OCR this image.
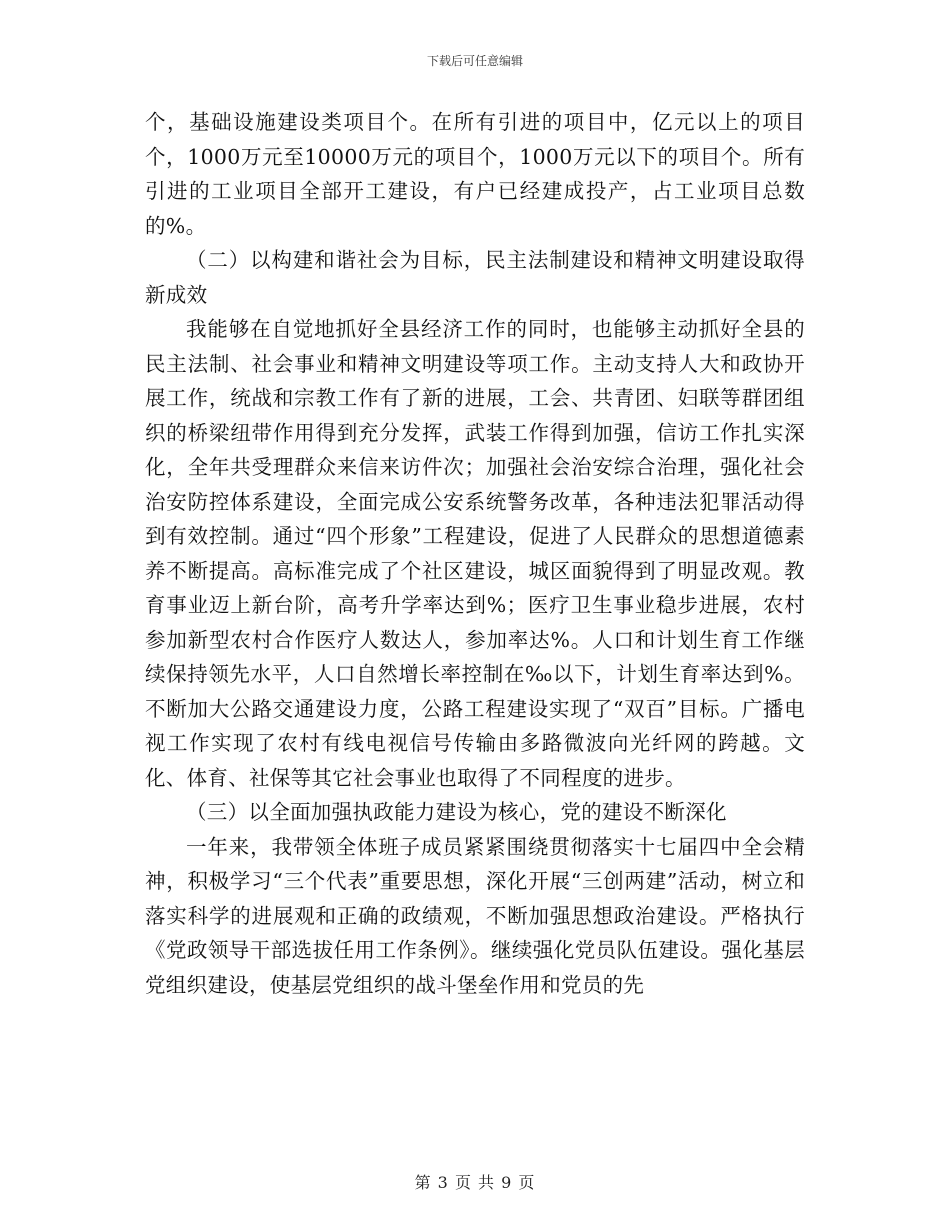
下载后可任意编辑

个，基础设施建设类项目个。在所有引进的项目中，亿元以上的项目个，1000万元至10000万元的项目个，1000万元以下的项目个。所有引进的工业项目全部开工建设，有户已经建成投产，占工业项目总数的%。

（二）以构建和谐社会为目标，民主法制建设和精神文明建设取得新成效

我能够在自觉地抓好全县经济工作的同时，也能够主动抓好全县的民主法制、社会事业和精神文明建设等项工作。主动支持人大和政协开展工作，统战和宗教工作有了新的进展，工会、共青团、妇联等群团组织的桥梁纽带作用得到充分发挥，武装工作得到加强，信访工作扎实深化，全年共受理群众来信来访件次；加强社会治安综合治理，强化社会治安防控体系建设，全面完成公安系统警务改革，各种违法犯罪活动得到有效控制。通过“四个形象”工程建设，促进了人民群众的思想道德素养不断提高。高标准完成了个社区建设，城区面貌得到了明显改观。教育事业迈上新台阶，高考升学率达到%；医疗卫生事业稳步进展，农村参加新型农村合作医疗人数达人，参加率达%。人口和计划生育工作继续保持领先水平，人口自然增长率控制在‰以下，计划生育率达到%。不断加大公路交通建设力度，公路工程建设实现了“双百”目标。广播电视工作实现了农村有线电视信号传输由多路微波向光纤网的跨越。文化、体育、社保等其它社会事业也取得了不同程度的进步。

（三）以全面加强执政能力建设为核心，党的建设不断深化

一年来，我带领全体班子成员紧紧围绕贯彻落实十七届四中全会精神，积极学习“三个代表”重要思想，深化开展“三创两建”活动，树立和落实科学的进展观和正确的政绩观，不断加强思想政治建设。严格执行《党政领导干部选拔任用工作条例》。继续强化党员队伍建设。强化基层党组织建设，使基层党组织的战斗堡垒作用和党员的先

第 3 页 共 9 页
